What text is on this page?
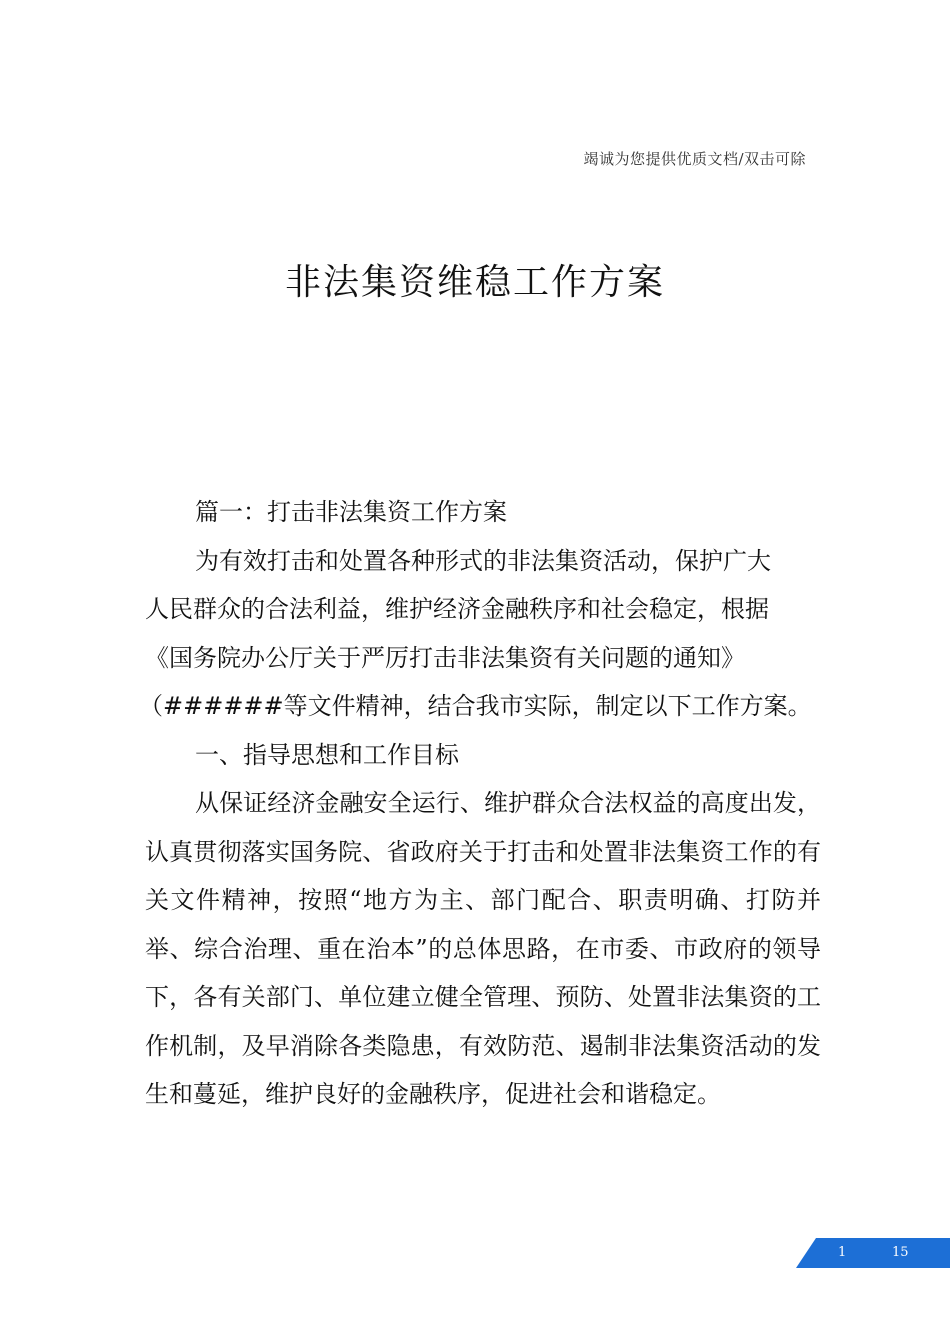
竭诚为您提供优质文档/双击可除
非法集资维稳工作方案

篇一：打击非法集资工作方案

为有效打击和处置各种形式的非法集资活动，保护广大

人民群众的合法利益，维护经济金融秩序和社会稳定，根据

《国务院办公厅关于严厉打击非法集资有关问题的通知》

（######等文件精神，结合我市实际，制定以下工作方案。

一、指导思想和工作目标

从保证经济金融安全运行、维护群众合法权益的高度出发，认真贯彻落实国务院、省政府关于打击和处置非法集资工作的有关文件精神，按照“地方为主、部门配合、职责明确、打防并举、综合治理、重在治本”的总体思路，在市委、市政府的领导下，各有关部门、单位建立健全管理、预防、处置非法集资的工作机制，及早消除各类隐患，有效防范、遏制非法集资活动的发生和蔓延，维护良好的金融秩序，促进社会和谐稳定。

1	15
